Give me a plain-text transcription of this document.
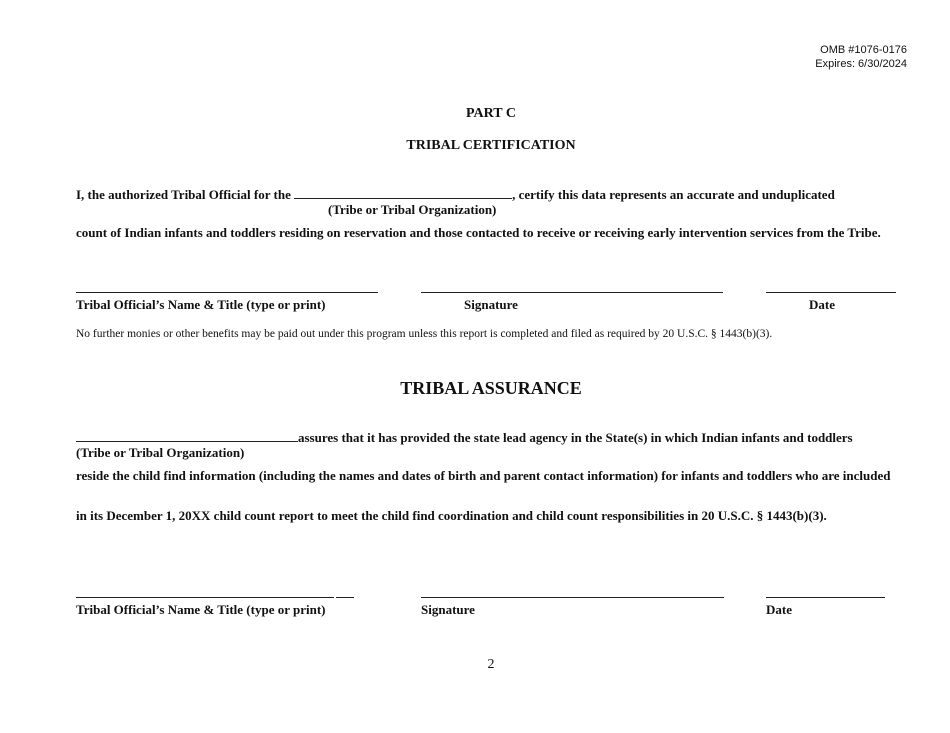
OMB #1076-0176
Expires: 6/30/2024
PART C
TRIBAL CERTIFICATION
I, the authorized Tribal Official for the	, certify this data represents an accurate and unduplicated
(Tribe or Tribal Organization)
count of Indian infants and toddlers residing on reservation and those contacted to receive or receiving early intervention services from the Tribe.
Tribal Official’s Name & Title (type or print)	Signature	Date
No further monies or other benefits may be paid out under this program unless this report is completed and filed as required by 20 U.S.C. § 1443(b)(3).
TRIBAL ASSURANCE
assures that it has provided the state lead agency in the State(s) in which Indian infants and toddlers
(Tribe or Tribal Organization)
reside the child find information (including the names and dates of birth and parent contact information) for infants and toddlers who are included
in its December 1, 20XX child count report to meet the child find coordination and child count responsibilities in 20 U.S.C. § 1443(b)(3).
Tribal Official’s Name & Title (type or print)	Signature	Date
2
